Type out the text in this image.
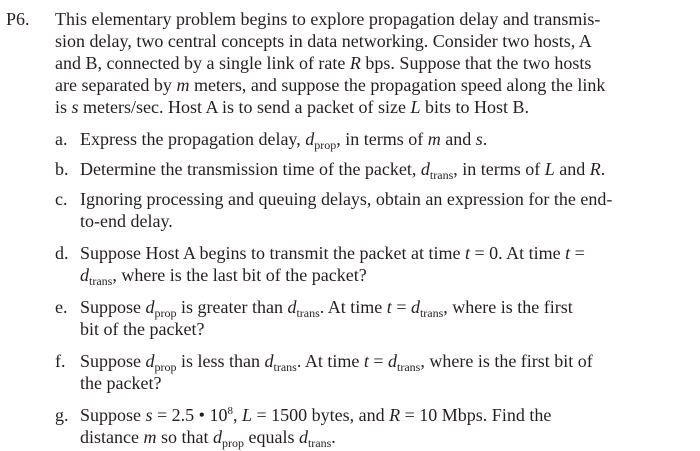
P6. This elementary problem begins to explore propagation delay and transmis-
sion delay, two central concepts in data networking. Consider two hosts, A
and B, connected by a single link of rate R bps. Suppose that the two hosts
are separated by m meters, and suppose the propagation speed along the link
is s meters/sec. Host A is to send a packet of size L bits to Host B.
a. Express the propagation delay, $d_{prop}$, in terms of m and s.
b. Determine the transmission time of the packet, $d_{trans}$, in terms of L and R.
c. Ignoring processing and queuing delays, obtain an expression for the end-
to-end delay.
d. Suppose Host A begins to transmit the packet at time t = 0. At time t =
$d_{trans}$, where is the last bit of the packet?
e. Suppose $d_{prop}$ is greater than $d_{trans}$. At time $t = d_{trans}$, where is the first
bit of the packet?
f. Suppose $d_{prop}$ is less than $d_{trans}$. At time $t = d_{trans}$, where is the first bit of
the packet?
g. Suppose s = 2.5 • $10^8$, L = 1500 bytes, and R = 10 Mbps. Find the
distance m so that $d_{prop}$ equals $d_{trans}$.
